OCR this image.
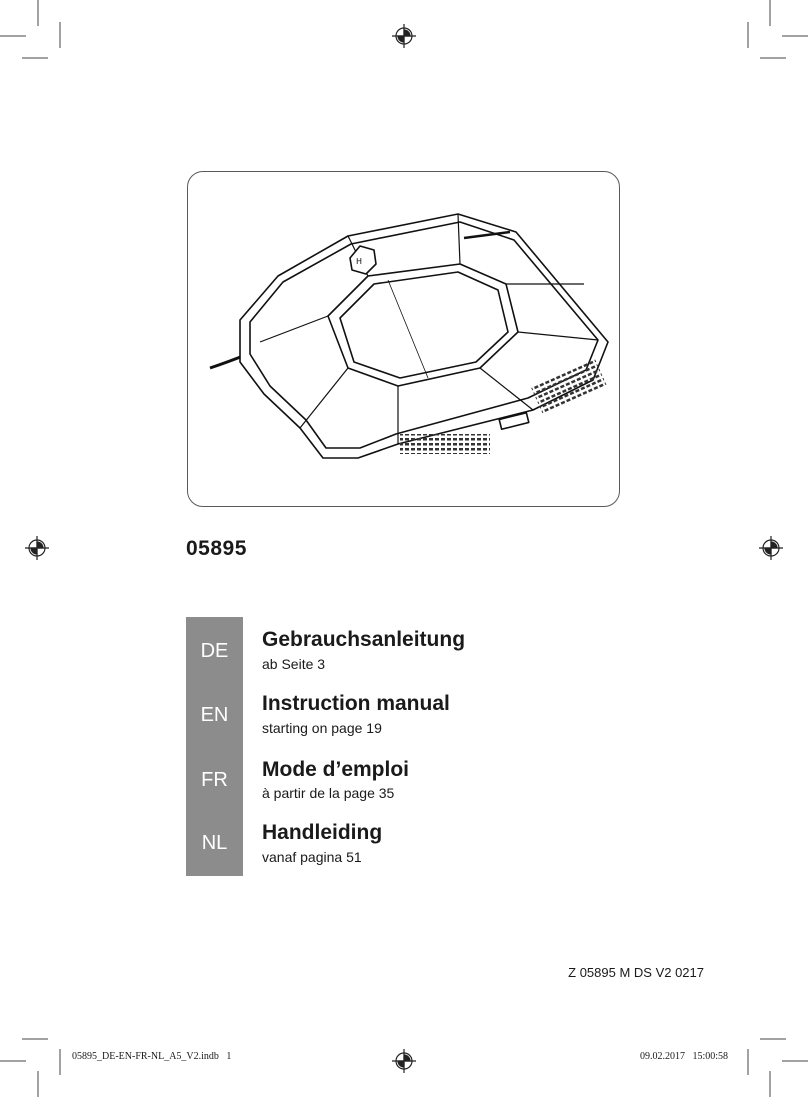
H
05895
DE
EN
FR
NL
Gebrauchsanleitung
ab Seite 3
Instruction manual
starting on page 19
Mode d’emploi
à partir de la page 35
Handleiding
vanaf pagina 51
Z 05895 M DS V2 0217
05895_DE-EN-FR-NL_A5_V2.indb   1	09.02.2017   15:00:58
